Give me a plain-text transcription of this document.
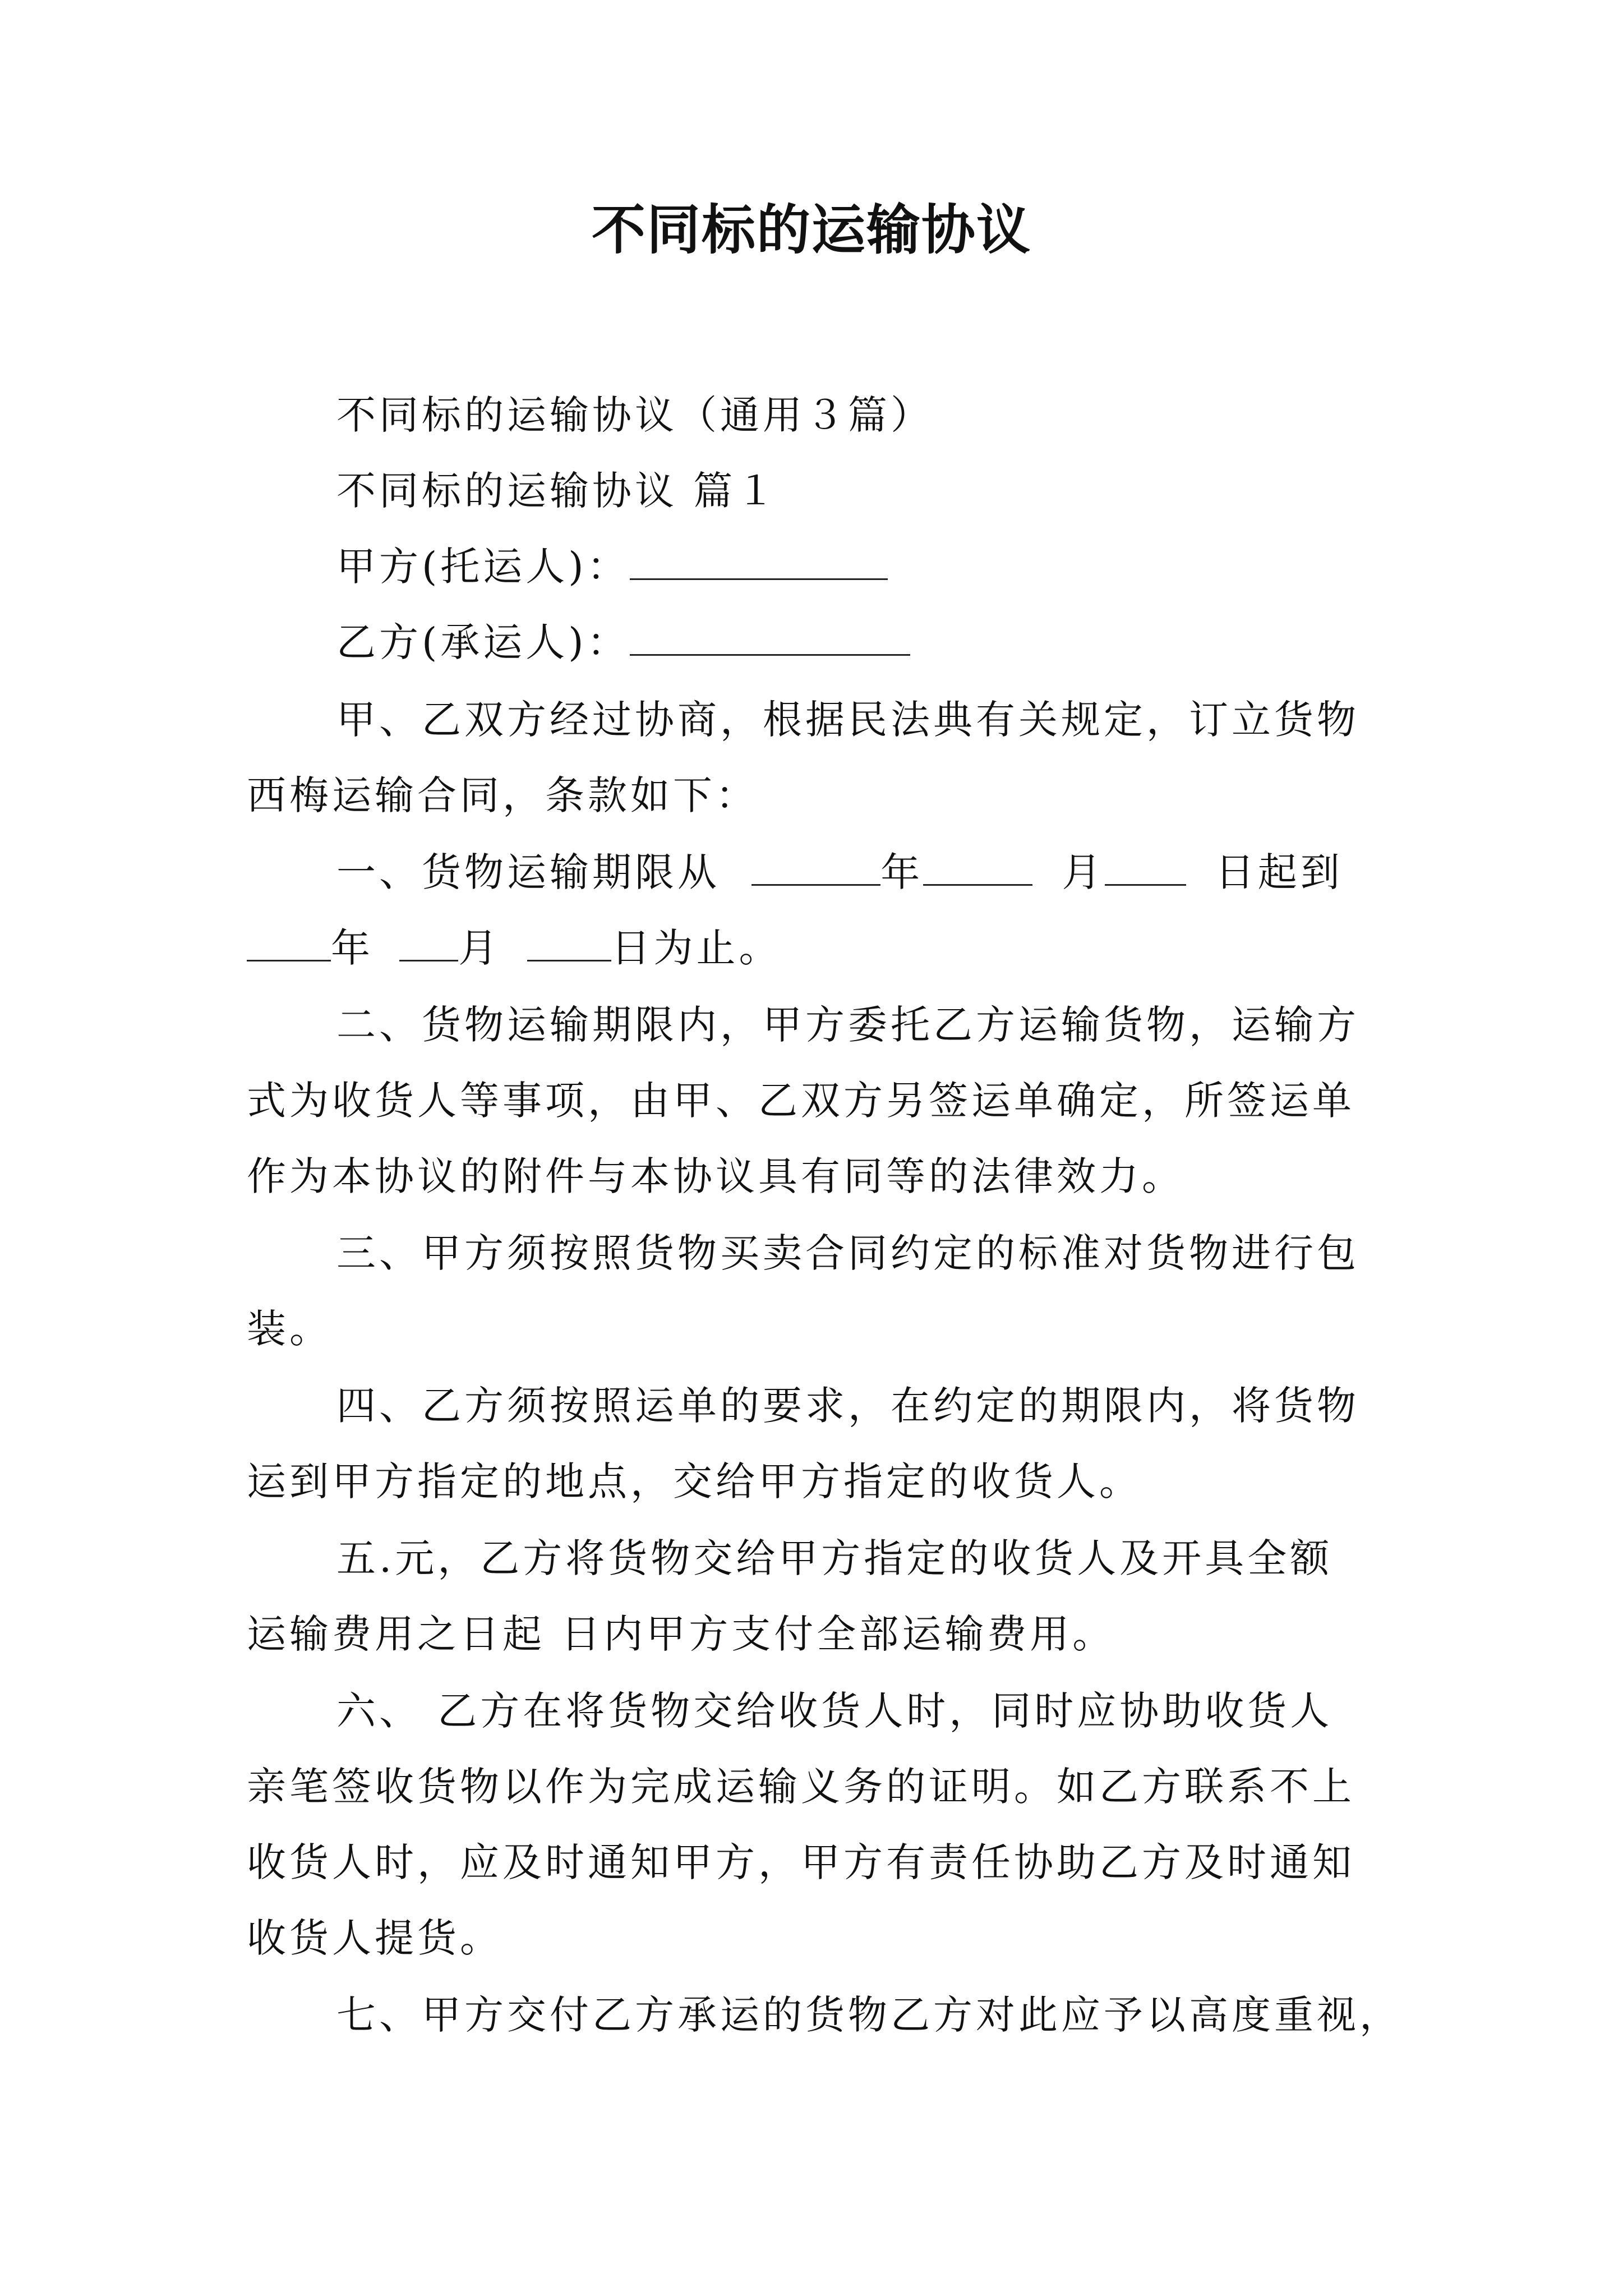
不同标的运输协议
不同标的运输协议（通用３篇）
不同标的运输协议 篇１
甲方(托运人)：
乙方(承运人)：
甲、乙双方经过协商，根据民法典有关规定，订立货物
西梅运输合同，条款如下：
一、货物运输期限从	年	月	日起到
年 月	日为止。
二、货物运输期限内，甲方委托乙方运输货物，运输方
式为收货人等事项，由甲、乙双方另签运单确定，所签运单
作为本协议的附件与本协议具有同等的法律效力。
三、甲方须按照货物买卖合同约定的标准对货物进行包
装。
四、乙方须按照运单的要求，在约定的期限内，将货物
运到甲方指定的地点，交给甲方指定的收货人。
五.元，乙方将货物交给甲方指定的收货人及开具全额
运输费用之日起 日内甲方支付全部运输费用。
六、 乙方在将货物交给收货人时，同时应协助收货人
亲笔签收货物以作为完成运输义务的证明。如乙方联系不上
收货人时，应及时通知甲方，甲方有责任协助乙方及时通知
收货人提货。
七、甲方交付乙方承运的货物乙方对此应予以高度重视，
